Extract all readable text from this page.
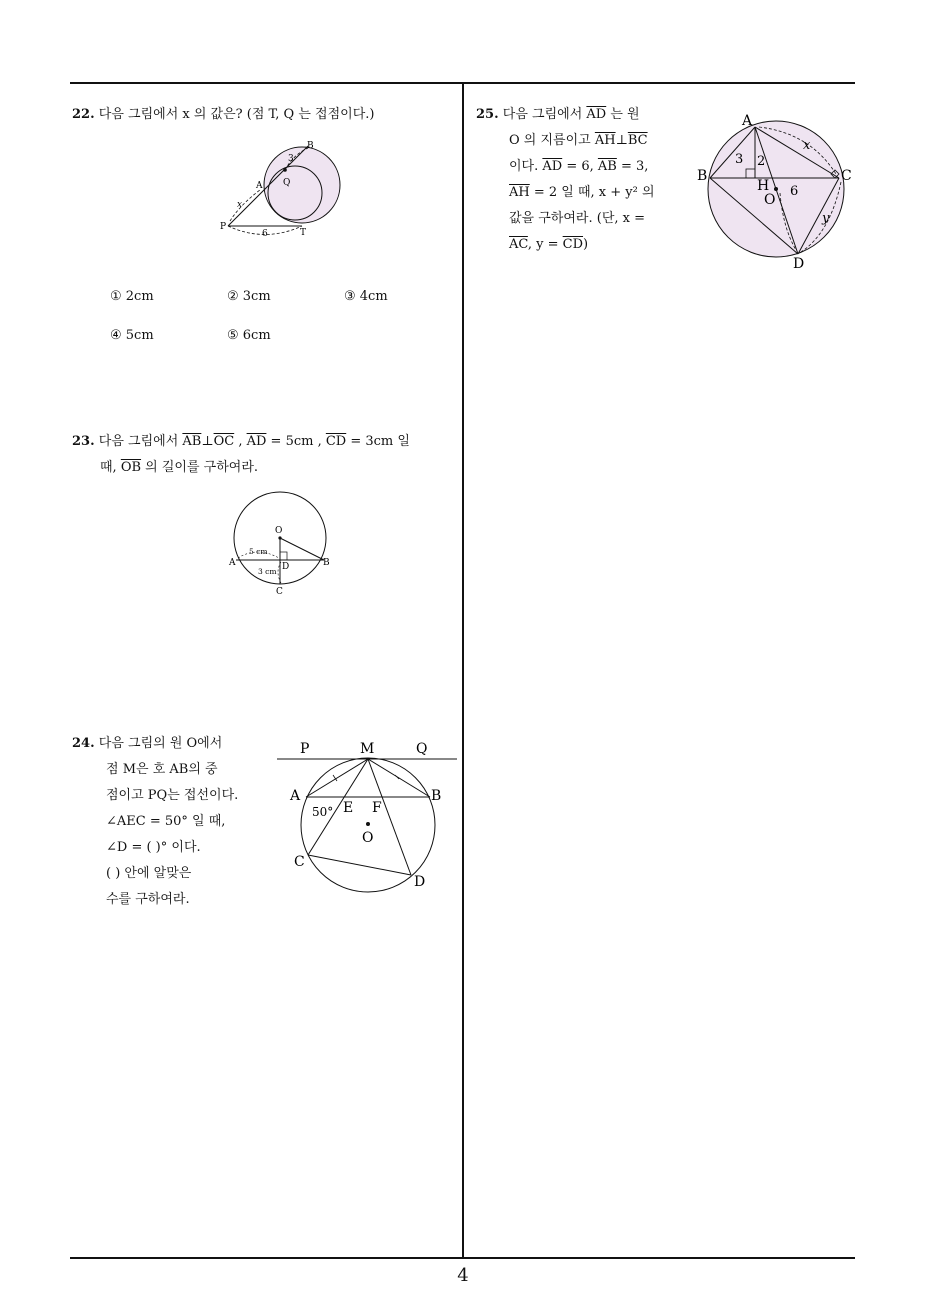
22. 다음 그림에서 x 의 값은? (점 T, Q 는 접점이다.)
B
Q
A
P
T
3
x
6
① 2cm	② 3cm	③ 4cm
④ 5cm	⑤ 6cm
23. 다음 그림에서 $\overline{AB}\perp\overline{OC}$ , $\overline{AD} = 5cm$ , $\overline{CD} = 3cm$ 일
때, $\overline{OB}$ 의 길이를 구하여라.
O
A	B
C
D
5 cm
3 cm
24. 다음 그림의 원 O에서
점 M은 호 AB의 중
점이고 PQ는 접선이다.
∠AEC = 50° 일 때,
∠D = ( )° 이다.
( ) 안에 알맞은
수를 구하여라.
P	M	Q
A	B
E F
O
C
D
50°
25. 다음 그림에서 $\overline{AD}$ 는 원
O 의 지름이고 $\overline{AH}\perp\overline{BC}$
이다. $\overline{AD} = 6$, $\overline{AB} = 3$,
$\overline{AH} = 2$ 일 때, x + y² 의
값을 구하여라. (단, x =
$\overline{AC}$, $y = \overline{CD}$)
A
B	C
D
H
O
3 2
6
x
y
4
